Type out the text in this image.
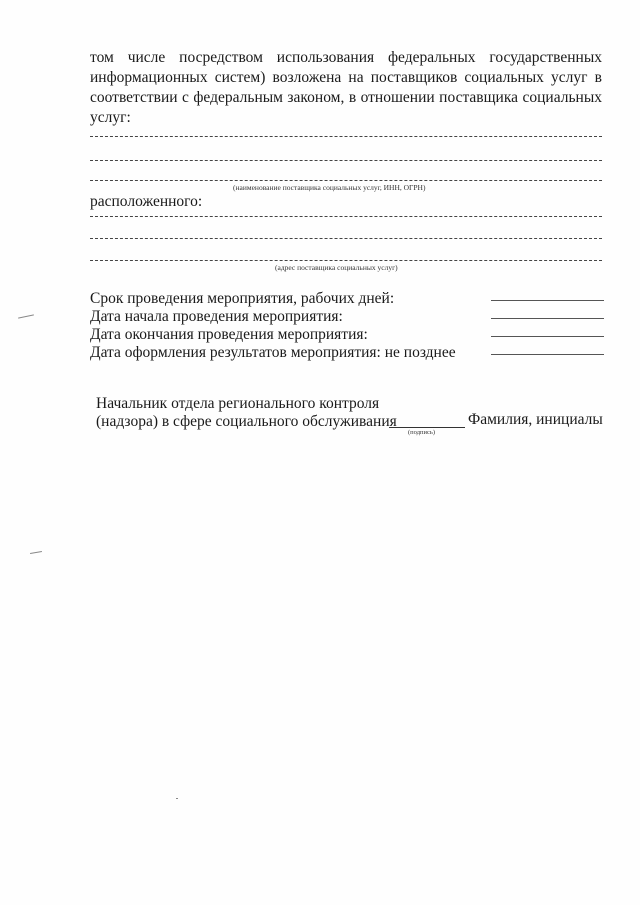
том числе посредством использования федеральных государственных информационных систем) возложена на поставщиков социальных услуг в соответствии с федеральным законом, в отношении поставщика социальных услуг:

(наименование поставщика социальных услуг, ИНН, ОГРН)

расположенного:

(адрес поставщика социальных услуг)

Срок проведения мероприятия, рабочих дней:

Дата начала проведения мероприятия:

Дата окончания проведения мероприятия:

Дата оформления результатов мероприятия: не позднее

Начальник отдела регионального контроля

(надзора) в сфере социального обслуживания

(подпись)

Фамилия, инициалы
